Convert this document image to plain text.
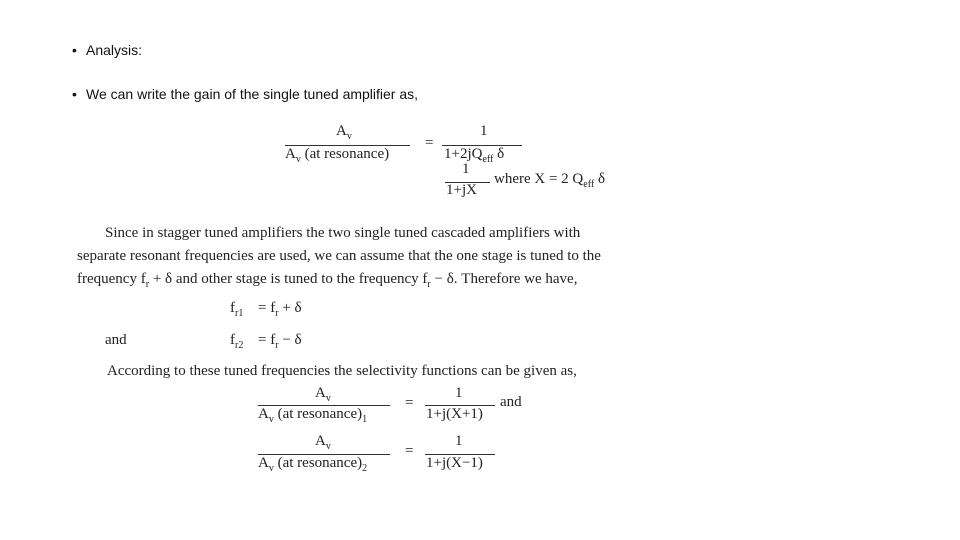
• Analysis:
• We can write the gain of the single tuned amplifier as,
$A_v$
$A_v$ (at resonance)
=
1
$1+2jQ_{eff}$ δ
1
1+jX
where X = 2 $Q_{eff}$ δ
Since in stagger tuned amplifiers the two single tuned cascaded amplifiers with
separate resonant frequencies are used, we can assume that the one stage is tuned to the
frequency $f_r + \delta$ and other stage is tuned to the frequency $f_r - \delta$. Therefore we have,
$f_{r1} = f_r + \delta$
and	$f_{r2} = f_r - \delta$
According to these tuned frequencies the selectivity functions can be given as,
$A_v$
$A_v$ (at $resonance)_1$
=
1
1+j(X+1)
and
$A_v$
$A_v$ (at $resonance)_2$
=
1
1+j(X−1)
